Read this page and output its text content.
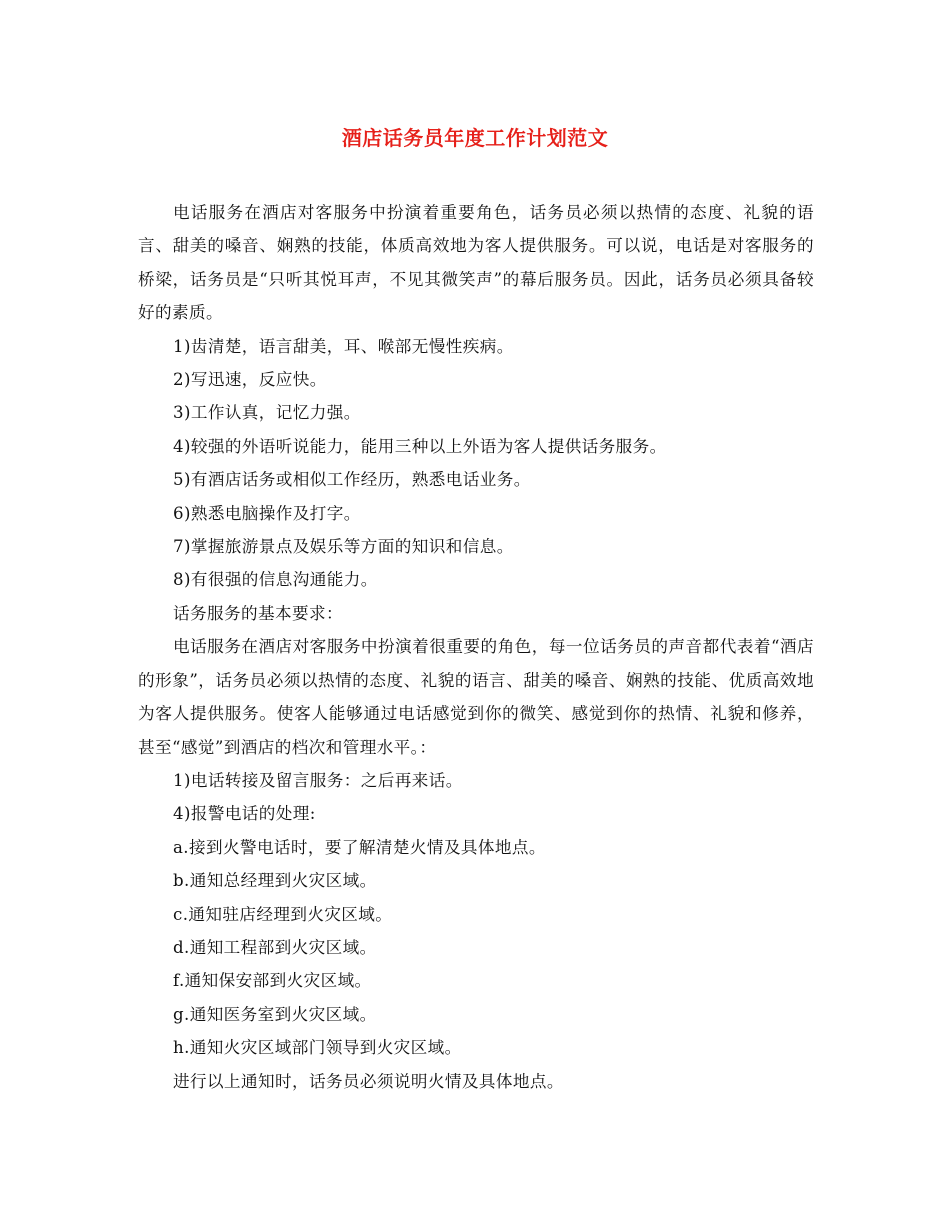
酒店话务员年度工作计划范文

电话服务在酒店对客服务中扮演着重要角色，话务员必须以热情的态度、礼貌的语言、甜美的嗓音、娴熟的技能，体质高效地为客人提供服务。可以说，电话是对客服务的桥梁，话务员是“只听其悦耳声，不见其微笑声”的幕后服务员。因此，话务员必须具备较好的素质。

1)齿清楚，语言甜美，耳、喉部无慢性疾病。
2)写迅速，反应快。
3)工作认真，记忆力强。
4)较强的外语听说能力，能用三种以上外语为客人提供话务服务。
5)有酒店话务或相似工作经历，熟悉电话业务。
6)熟悉电脑操作及打字。
7)掌握旅游景点及娱乐等方面的知识和信息。
8)有很强的信息沟通能力。
话务服务的基本要求：

电话服务在酒店对客服务中扮演着很重要的角色，每一位话务员的声音都代表着“酒店的形象”，话务员必须以热情的态度、礼貌的语言、甜美的嗓音、娴熟的技能、优质高效地为客人提供服务。使客人能够通过电话感觉到你的微笑、感觉到你的热情、礼貌和修养，甚至“感觉”到酒店的档次和管理水平。：

1)电话转接及留言服务：之后再来话。
4)报警电话的处理:
a.接到火警电话时，要了解清楚火情及具体地点。
b.通知总经理到火灾区域。
c.通知驻店经理到火灾区域。
d.通知工程部到火灾区域。
f.通知保安部到火灾区域。
g.通知医务室到火灾区域。
h.通知火灾区域部门领导到火灾区域。
进行以上通知时，话务员必须说明火情及具体地点。
